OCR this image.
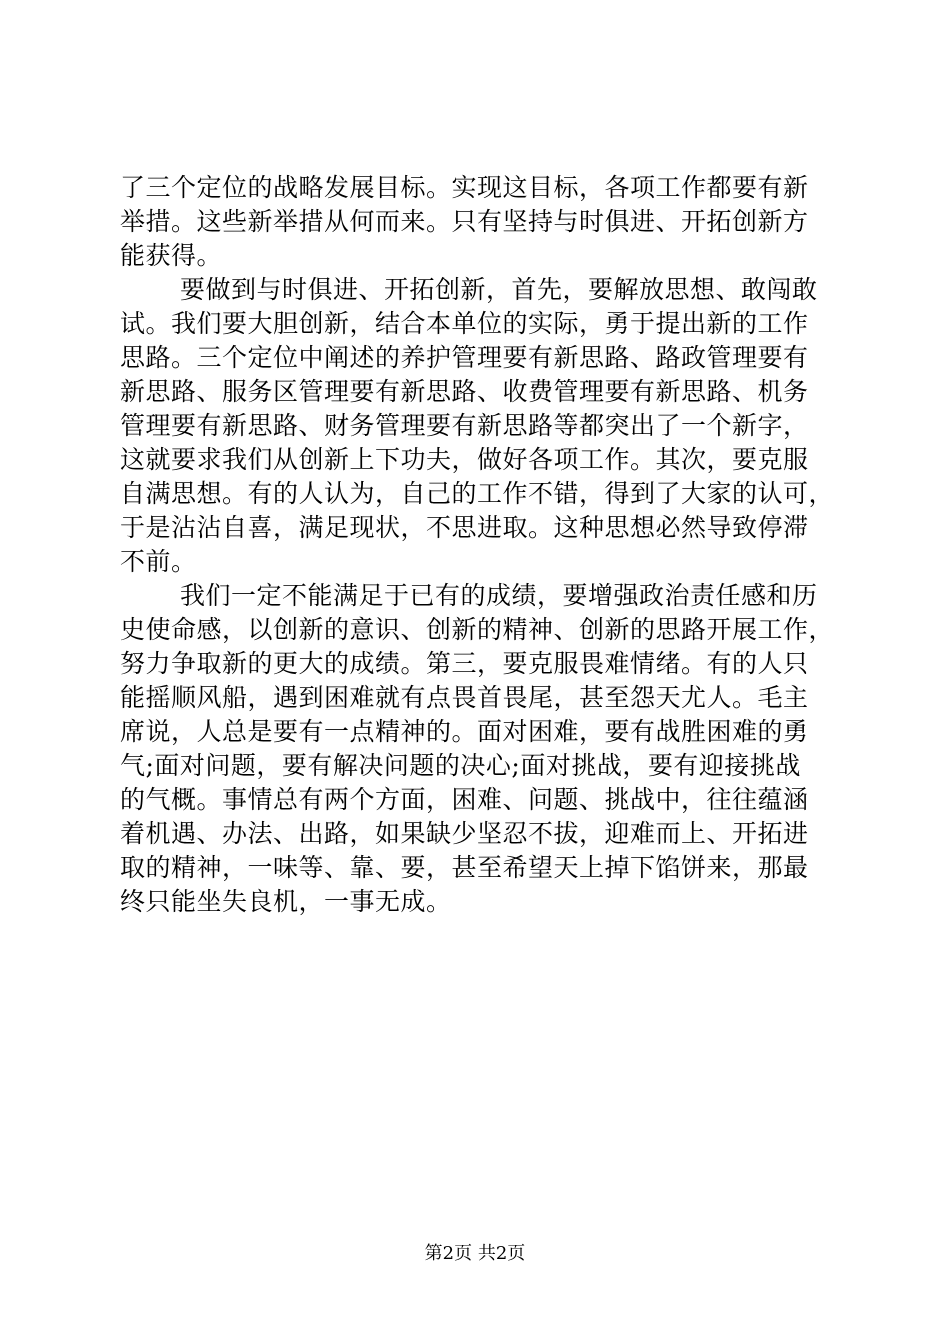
了三个定位的战略发展目标。实现这目标，各项工作都要有新
举措。这些新举措从何而来。只有坚持与时俱进、开拓创新方
能获得。
要做到与时俱进、开拓创新，首先，要解放思想、敢闯敢
试。我们要大胆创新，结合本单位的实际，勇于提出新的工作
思路。三个定位中阐述的养护管理要有新思路、路政管理要有
新思路、服务区管理要有新思路、收费管理要有新思路、机务
管理要有新思路、财务管理要有新思路等都突出了一个新字，
这就要求我们从创新上下功夫，做好各项工作。其次，要克服
自满思想。有的人认为，自己的工作不错，得到了大家的认可，
于是沾沾自喜，满足现状，不思进取。这种思想必然导致停滞
不前。
我们一定不能满足于已有的成绩，要增强政治责任感和历
史使命感，以创新的意识、创新的精神、创新的思路开展工作，
努力争取新的更大的成绩。第三，要克服畏难情绪。有的人只
能摇顺风船，遇到困难就有点畏首畏尾，甚至怨天尤人。毛主
席说，人总是要有一点精神的。面对困难，要有战胜困难的勇
气;面对问题，要有解决问题的决心;面对挑战，要有迎接挑战
的气概。事情总有两个方面，困难、问题、挑战中，往往蕴涵
着机遇、办法、出路，如果缺少坚忍不拔，迎难而上、开拓进
取的精神，一味等、靠、要，甚至希望天上掉下馅饼来，那最
终只能坐失良机，一事无成。
第2页 共2页
